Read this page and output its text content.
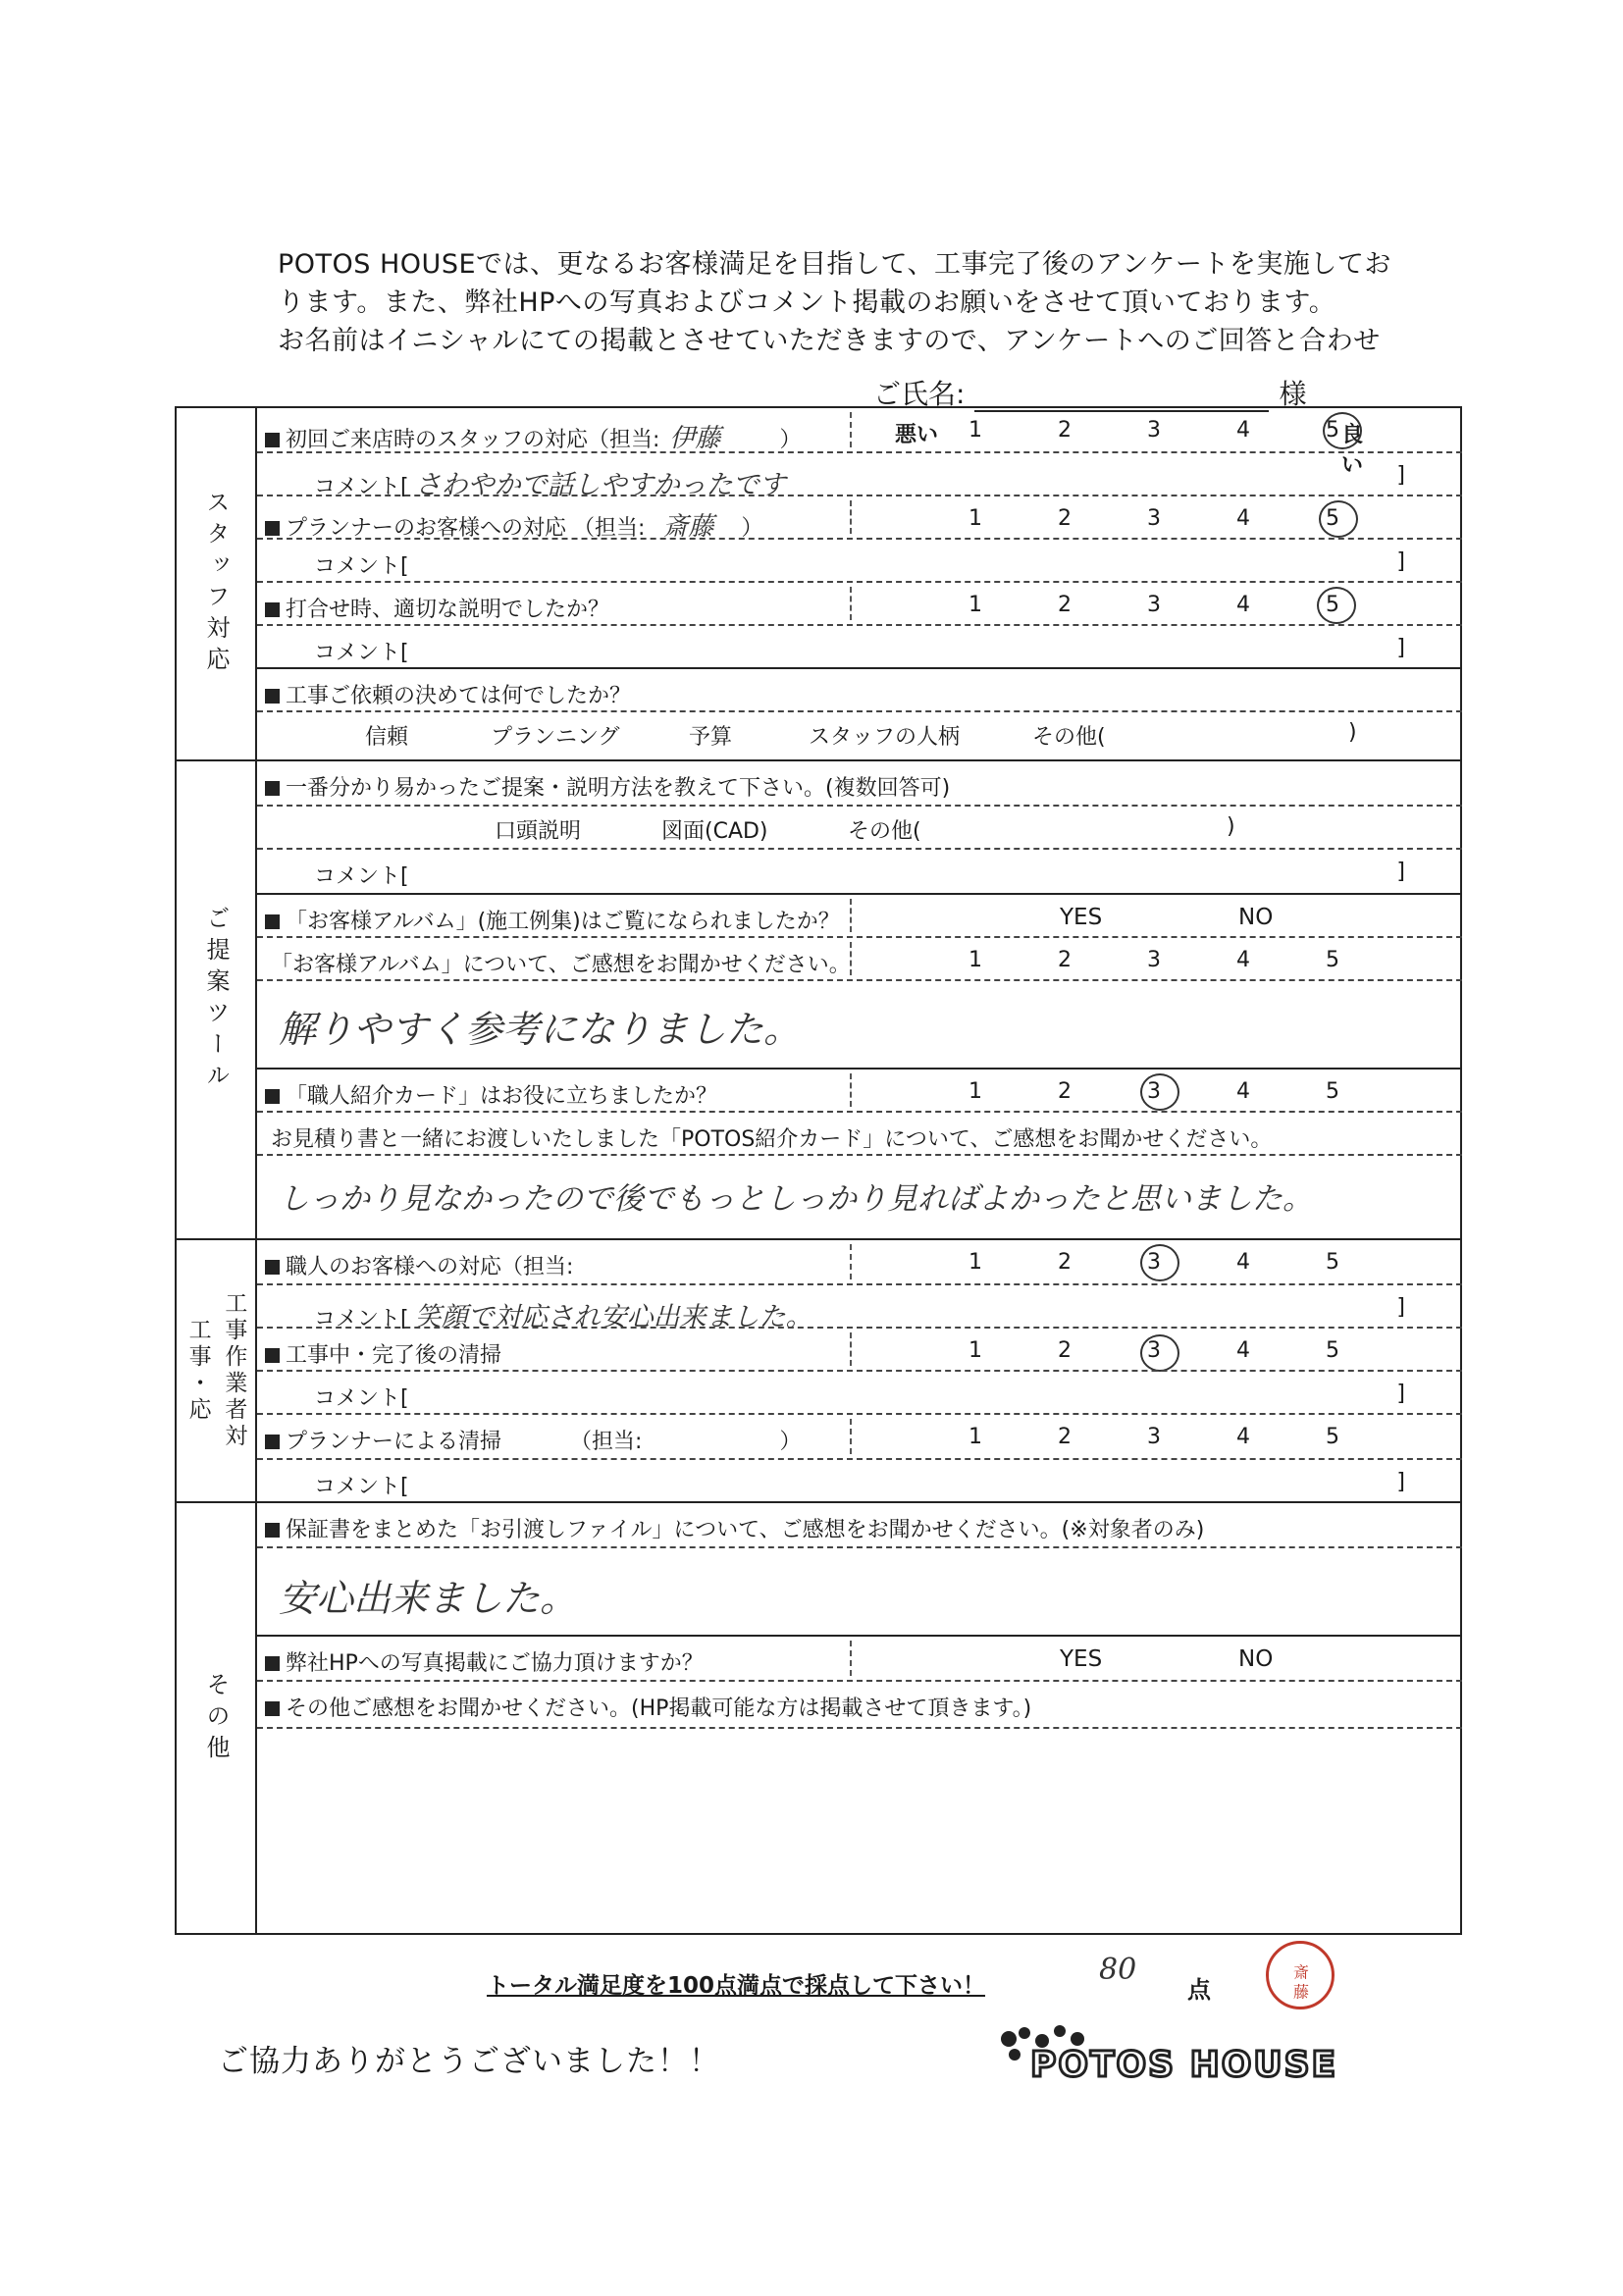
POTOS HOUSEでは、更なるお客様満足を目指して、工事完了後のアンケートを実施してお
ります。また、弊社HPへの写真およびコメント掲載のお願いをさせて頂いております。
お名前はイニシャルにての掲載とさせていただきますので、アンケートへのご回答と合わせ
ご氏名:	様
スタッフ対応
初回ご来店時のスタッフの対応（担当: 伊藤	）	悪い 1	2	3	4	5 良い
コメント[ さわやかで話しやすかったです	]
プランナーのお客様への対応 （担当: 斎藤 ）	1	2	3	4	5
コメント[	]
打合せ時、適切な説明でしたか？	1	2	3	4	5
コメント[	]
工事ご依頼の決めては何でしたか？
信頼	プランニング	予算	スタッフの人柄	その他(	)
ご提案ツール
一番分かり易かったご提案・説明方法を教えて下さい。(複数回答可)
口頭説明	図面(CAD)	その他(	)
コメント[	]
「お客様アルバム」(施工例集)はご覧になられましたか？	YES	NO
「お客様アルバム」について、ご感想をお聞かせください。	1	2	3	4	5
解りやすく参考になりました。
「職人紹介カード」はお役に立ちましたか？	1	2	3	4	5
お見積り書と一緒にお渡しいたしました「POTOS紹介カード」について、ご感想をお聞かせください。
しっかり見なかったので後でもっとしっかり見ればよかったと思いました。
工事・応 工事作業者対
職人のお客様への対応（担当:	1	2	3	4	5
コメント[ 笑顔で対応され安心出来ました。	]
工事中・完了後の清掃	1	2	3	4	5
コメント[	]
プランナーによる清掃	（担当:	）	1	2	3	4	5
コメント[	]
その他
保証書をまとめた「お引渡しファイル」について、ご感想をお聞かせください。(※対象者のみ)
安心出来ました。
弊社HPへの写真掲載にご協力頂けますか？	YES	NO
その他ご感想をお聞かせください。(HP掲載可能な方は掲載させて頂きます。)
トータル満足度を100点満点で採点して下さい！	80
点
斎
藤
ご協力ありがとうございました！！	POTOS HOUSE
